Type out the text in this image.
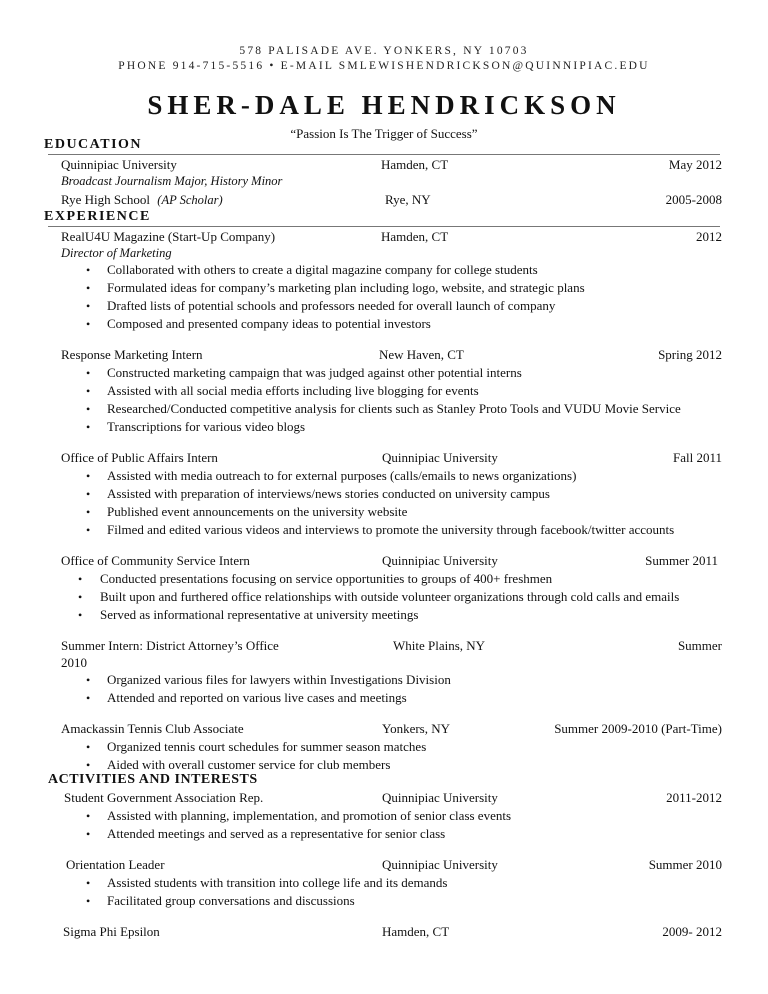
578 PALISADE AVE. YONKERS, NY 10703
PHONE 914-715-5516 • E-MAIL SMLEWISHENDRICKSON@QUINNIPIAC.EDU
SHER-DALE HENDRICKSON
“Passion Is The Trigger of Success”
EDUCATION
Quinnipiac University	Hamden, CT	May 2012
Broadcast Journalism Major, History Minor
Rye High School (AP Scholar)	Rye, NY	2005-2008
EXPERIENCE
RealU4U Magazine (Start-Up Company)	Hamden, CT	2012
Director of Marketing
• Collaborated with others to create a digital magazine company for college students
• Formulated ideas for company’s marketing plan including logo, website, and strategic plans
• Drafted lists of potential schools and professors needed for overall launch of company
• Composed and presented company ideas to potential investors
Response Marketing Intern	New Haven, CT	Spring 2012
• Constructed marketing campaign that was judged against other potential interns
• Assisted with all social media efforts including live blogging for events
• Researched/Conducted competitive analysis for clients such as Stanley Proto Tools and VUDU Movie Service
• Transcriptions for various video blogs
Office of Public Affairs Intern	Quinnipiac University	Fall 2011
• Assisted with media outreach to for external purposes (calls/emails to news organizations)
• Assisted with preparation of interviews/news stories conducted on university campus
• Published event announcements on the university website
• Filmed and edited various videos and interviews to promote the university through facebook/twitter accounts
Office of Community Service Intern	Quinnipiac University	Summer 2011
• Conducted presentations focusing on service opportunities to groups of 400+ freshmen
• Built upon and furthered office relationships with outside volunteer organizations through cold calls and emails
• Served as informational representative at university meetings
Summer Intern: District Attorney’s Office	White Plains, NY	Summer
2010
• Organized various files for lawyers within Investigations Division
• Attended and reported on various live cases and meetings
Amackassin Tennis Club Associate	Yonkers, NY	Summer 2009-2010 (Part-Time)
• Organized tennis court schedules for summer season matches
• Aided with overall customer service for club members
ACTIVITIES AND INTERESTS
Student Government Association Rep.	Quinnipiac University	2011-2012
• Assisted with planning, implementation, and promotion of senior class events
• Attended meetings and served as a representative for senior class
Orientation Leader	Quinnipiac University	Summer 2010
• Assisted students with transition into college life and its demands
• Facilitated group conversations and discussions
Sigma Phi Epsilon	Hamden, CT	2009- 2012
